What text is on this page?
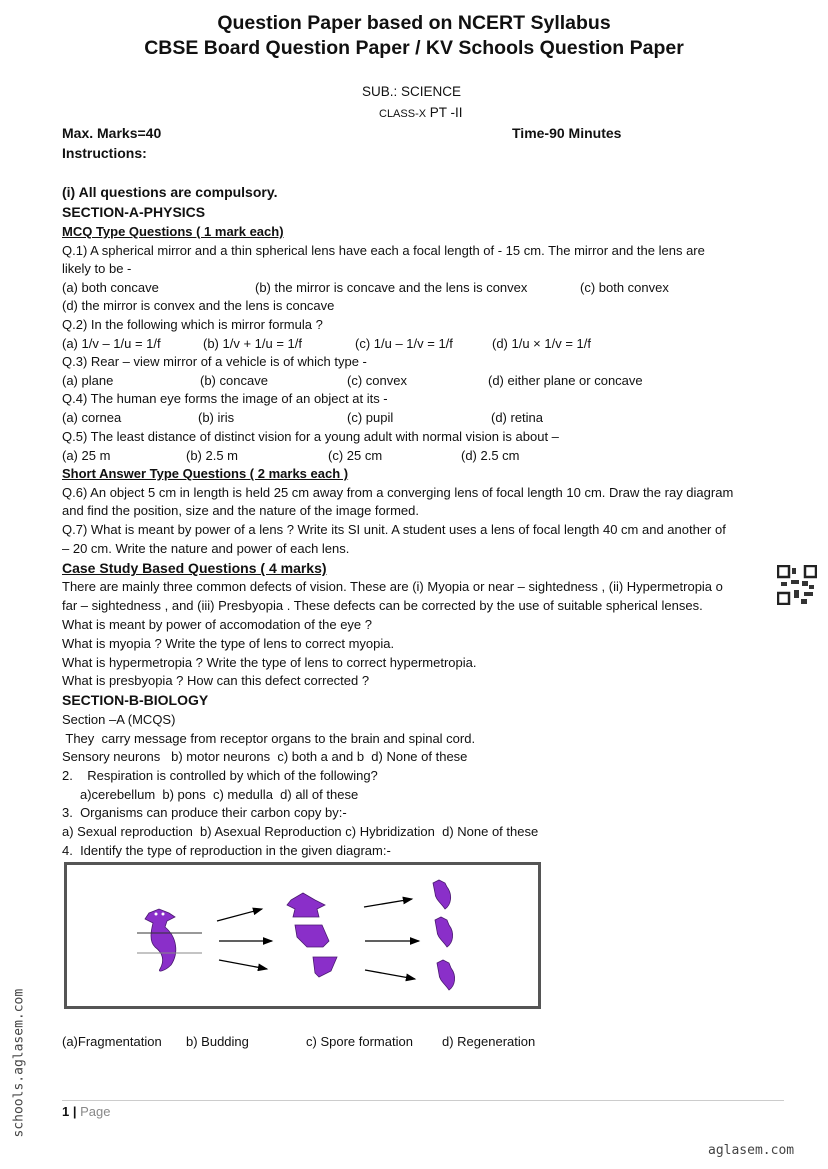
Question Paper based on NCERT Syllabus
CBSE Board Question Paper / KV Schools Question Paper
SUB.: SCIENCE
CLASS-X PT -II
Max. Marks=40	Time-90 Minutes
Instructions:
(i) All questions are compulsory.
SECTION-A-PHYSICS
MCQ Type Questions ( 1 mark each)
Q.1) A spherical mirror and a thin spherical lens have each a focal length of - 15 cm. The mirror and the lens are
likely to be -
(a) both concave	(b) the mirror is concave and the lens is convex	(c) both convex
(d) the mirror is convex and the lens is concave
Q.2) In the following which is mirror formula ?
(a) 1/v – 1/u = 1/f	(b) 1/v + 1/u = 1/f	(c) 1/u – 1/v = 1/f	(d) 1/u × 1/v = 1/f
Q.3) Rear – view mirror of a vehicle is of which type -
(a) plane	(b) concave	(c) convex	(d) either plane or concave
Q.4) The human eye forms the image of an object at its -
(a) cornea	(b) iris	(c) pupil	(d) retina
Q.5) The least distance of distinct vision for a young adult with normal vision is about –
(a) 25 m	(b) 2.5 m	(c) 25 cm	(d) 2.5 cm
Short Answer Type Questions ( 2 marks each )
Q.6) An object 5 cm in length is held 25 cm away from a converging lens of focal length 10 cm. Draw the ray diagram
and find the position, size and the nature of the image formed.
Q.7) What is meant by power of a lens ? Write its SI unit. A student uses a lens of focal length 40 cm and another of
– 20 cm. Write the nature and power of each lens.
Case Study Based Questions ( 4 marks)
There are mainly three common defects of vision. These are (i) Myopia or near – sightedness , (ii) Hypermetropia o
far – sightedness , and (iii) Presbyopia . These defects can be corrected by the use of suitable spherical lenses.
What is meant by power of accomodation of the eye ?
What is myopia ? Write the type of lens to correct myopia.
What is hypermetropia ? Write the type of lens to correct hypermetropia.
What is presbyopia ? How can this defect corrected ?
SECTION-B-BIOLOGY
Section –A (MCQS)
They  carry message from receptor organs to the brain and spinal cord.
Sensory neurons   b) motor neurons  c) both a and b  d) None of these
2.    Respiration is controlled by which of the following?
a)cerebellum  b) pons  c) medulla  d) all of these
3.  Organisms can produce their carbon copy by:-
a) Sexual reproduction  b) Asexual Reproduction c) Hybridization  d) None of these
4.  Identify the type of reproduction in the given diagram:-
(a)Fragmentation b) Budding	c) Spore formation d) Regeneration
1 | Page
schools.aglasem.com
aglasem.com
